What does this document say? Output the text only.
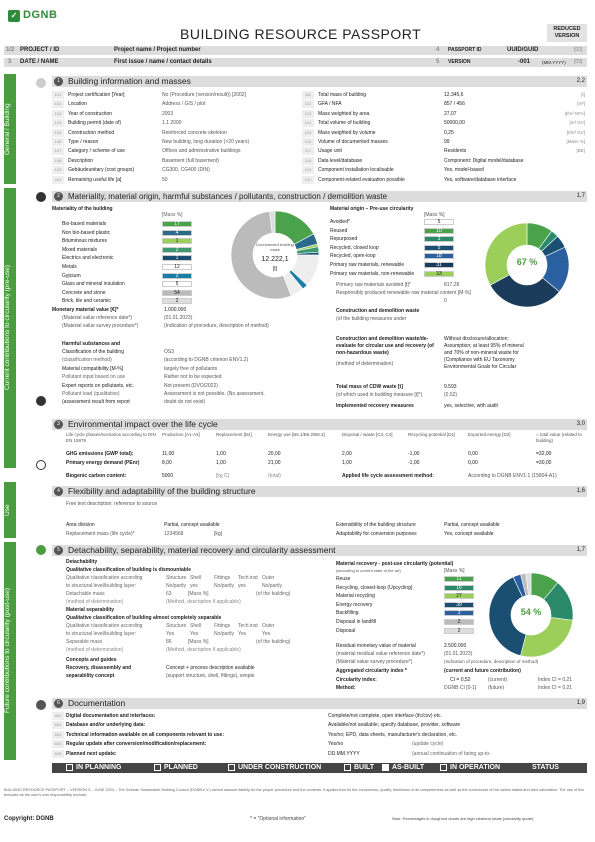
✓ DGNB
BUILDING RESOURCE PASSPORT	REDUCED VERSION
1/2 PROJECT / ID	Project name / Project number	4 PASSPORT ID	UUID/GUID	[02]
3 DATE / NAME	First issue / name / contact details	5 VERSION	-001	(MM.YYYY) [03]
General / Building
Current contributions to circularity (pre-use)
Use
Future contributions to circularity (post-use)
1 Building information and masses	2,2
101	Project certification [Year]	No (Procedure (version/result)) [2002]
102	Location	Address / GIS / plot
103	Year of construction	2003
104	Building permit (date of)	1.1.2000
105	Construction method	Reinforced concrete skeleton
106	Type / reason	New building, long duration (>20 years)
107	Category / scheme of use	Offices and administrative buildings
108	Description	Basement (full basement)
109	Gebäudeunitary (cost groups)	CG300, CG400 (DIN)
110	Remaining useful life [a]	50
111	Total mass of building	12.345,6	[t]
112	GFA / NFA	857 / 456	[m²]
113	Mass weighted by area	27,07	[t/m² NFA]
114	Total volume of building	50000,00	[m³ GV]
115	Mass weighted by volume	0,25	[t/m³ GV]
116	Volume of documented masses	99	[Mass %]
117	Usage unit	Residents	[BE]
118	Data level/database	Component: Digital model/database
119	Component installation localisable	Yes, model-based
120	Component-related evaluation possible	Yes, software/database interface
2	Materiality, material origin, harmful substances / pollutants, construction / demolition waste	1,7
Materiality of the building
[Mass %]
Bio-based materials	17
Non bio-based plastic	4
Bituminous mixtures	1
Mixed materials	2
Electrics and electronic	1
Metals	12
Gypsum	2
Glass and mineral insulation	5
Concrete and stone	54
Brick, tile and ceramic	2
Documented building mass
12.222,1
[t]
Monetary material value [€]*	1.000.000
(Material value reference date*)	(01.01.2023)
(Material value survey procedure*)	(Indication of procedure, description of method)
Material origin – Pre-use circularity
[Mass %]
Avoided*	5
Reused	10
Repurposed	3
Recycled, closed loop	5
Recycled, open-loop	18
Primary raw materials, renewable	31
Primary raw materials, non-renewable	33
67 %
Primary raw materials avoided [t]*	817,28
Responsibly produced renewable raw material content [M-%]
0
Construction and demolition waste
(of the building measures under
Harmful substances and
Classification of the building	OS3
(classification method)	(according to DGNB criterion ENV1.2)
Material compatibility [M-%]	largely free of pollutants
Pollutant input based on use	Rather not to be expected
Expert reports on pollutants, etc.	Not present (DVO/2022)
Pollutant load (qualitative)	Assessment is not possible. (No assessment,
(assessment result from report	doubt do not exist)
Construction and demolition waste/de-evaluate for circular use and recovery (of non-hazardous waste)
Without disclosure/allocation:
Assumption; at least 95% of mineral
and 70% of non-mineral waste for
(Compliance with EU Taxonomy
Environmental Goals for Circular
(method of determination)
Total mass of CDW waste [t]	9.593
(of which used in building measure [t]*)	(0,52)
Implemented recovery measures	yes, selective, with audit
3 Environmental impact over the life cycle	3,0
Life cycle phases/scenarios according to DIN EN 15978
Production [A1-A3]	Replacement [B4]	Energy use [B6.1/B6.2/B6.3]	Disposal / waste [C3, C4]	Recycling potential [D1]	Exported energy [D2]	= total value (related to building)
GHG emissions (GWP total):	11,00	1,00	20,00	2,00	-1,00	0,00	=32,00
Primary energy demand (PEnr)	8,00	1,00	21,00	1,00	-1,00	0,00	=30,00
Biogenic carbon content:	5000	[kg C]	(total)	Applied life cycle assessment method:	According to DGNB ENV1.1 (15804-A1)
4 Flexibility and adaptability of the building structure	1,6
Free text description; reference to source
Area division	Partial, concept available	Extensibility of the building structure	Partial, concept available
Replacement mass (life cycle)*	1234568	[kg]	Adaptability for conversion purposes	Yes, concept available
5 Detachability, separability, material recovery and circularity assessment	1,7
Detachability
Qualitative classification of building is dismountable
Qualitative classification according	Structure Shell	Fittings Tech.inst Outer
to structural level/building layer:	No/partly yes	No/partly yes	No/partly
Detachable mass	63	[Mass %]	(of the building)
(method of determination)	(Method, description if applicable)
Material separability
Qualitative classification of building almost completely separable
Qualitative classification according	Structure Shell	Fittings Tech.inst Outer
to structural level/building layer:	Yes	Yes	No/partly Yes	Yes
Separable mass	86	[Mass %]	(of the building)
(method of determination)	(Method, description if applicable)
Concepts and guides
Recovery, disassembly and	Concept + process description available
separability concept	(support structure, shell, fittings), simple
Material recovery - post-use circularity (potential)
(according to current state of the art)	[Mass %]
Reuse	11
Recycling, closed-loop (Upcycling)	16
Material recycling	27
Energy recovery	39
Backfilling	3
Disposal in landfill	2
Disposal	2
54 %
Residual monetary value of material	2.500.000
(material residual value reference date*)	(01.01.2023)
(Material value survey procedure*)	(Indication of procedure, description of method)
Aggregated circularity index *	(current and future contribution)
Circularity index:	CI = 0,52	(current)	Index CI = 0,21
Method:	DGNB CI [0-1] (future)	Index CI = 0,21
6 Documentation	1,9
601 Digital documentation and interfaces:	Complete/not complete, open interface (ifc/csv) etc.
602 Database and/or underlying data:	Available/not available; specify database, provider, software
603 Technical information available on all components relevant to use:	Yes/no; EPD, data sheets, manufacturer's declaration, etc.
604 Regular update after conversion/modification/replacement:	Yes/no	(update cycle)
605 Planned next update:	DD.MM.YYYY	(annual continuation of being up-to-
IN PLANNING	PLANNED	UNDER CONSTRUCTION	BUILT	AS-BUILT	IN OPERATION	STATUS
BUILDING RESOURCE PASSPORT – VERSION 3 – JUNE 2024 – The German Sustainable Building Council (DGNB e.V.) cannot assume liability for the proper procedure and the contents. It applies that for the correctness, quality, timeliness of all completeness as well as the correctness of the values stated and their calculation. The use of this template as the user's own responsibility exclude.
Copyright: DGNB	* = "Optional information"	Note: Percentages in doughnut charts are high cleaners totals (circularity quote)
